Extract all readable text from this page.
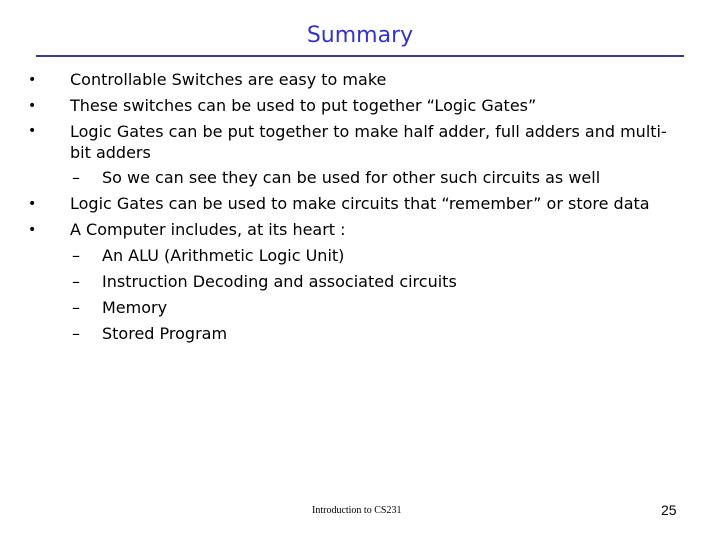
Summary
• Controllable Switches are easy to make
• These switches can be used to put together “Logic Gates”
• Logic Gates can be put together to make half adder, full adders and multi-bit adders
– So we can see they can be used for other such circuits as well
• Logic Gates can be used to make circuits that “remember” or store data
• A Computer includes, at its heart :
– An ALU (Arithmetic Logic Unit)
– Instruction Decoding and associated circuits
– Memory
– Stored Program
Introduction to CS231	25
